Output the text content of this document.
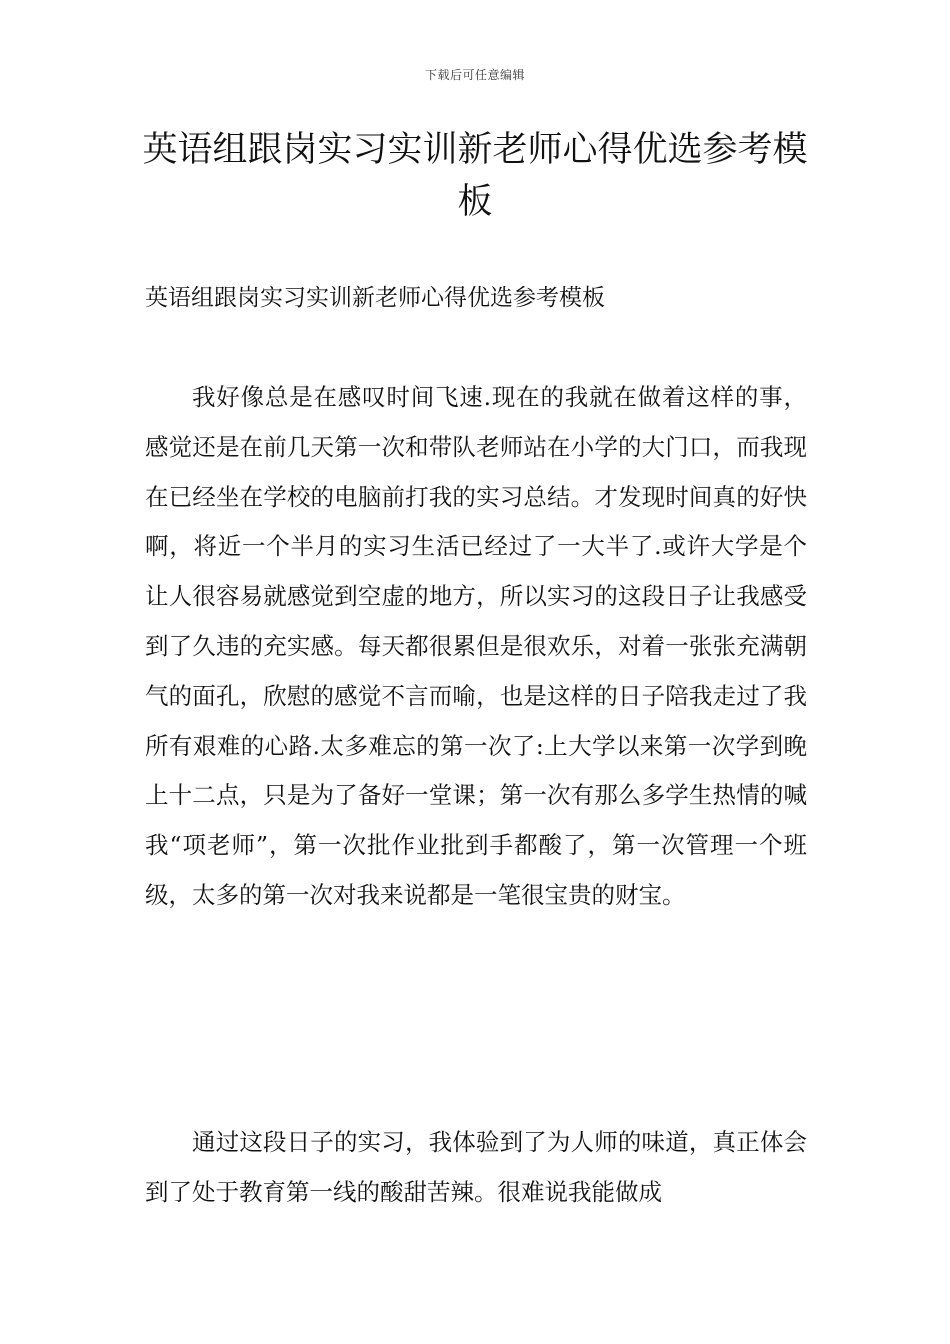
下载后可任意编辑
英语组跟岗实习实训新老师心得优选参考模板

英语组跟岗实习实训新老师心得优选参考模板

我好像总是在感叹时间飞速.现在的我就在做着这样的事，感觉还是在前几天第一次和带队老师站在小学的大门口，而我现在已经坐在学校的电脑前打我的实习总结。才发现时间真的好快啊，将近一个半月的实习生活已经过了一大半了.或许大学是个让人很容易就感觉到空虚的地方，所以实习的这段日子让我感受到了久违的充实感。每天都很累但是很欢乐，对着一张张充满朝气的面孔，欣慰的感觉不言而喻，也是这样的日子陪我走过了我所有艰难的心路.太多难忘的第一次了:上大学以来第一次学到晚上十二点，只是为了备好一堂课；第一次有那么多学生热情的喊我“项老师”，第一次批作业批到手都酸了，第一次管理一个班级，太多的第一次对我来说都是一笔很宝贵的财宝。

通过这段日子的实习，我体验到了为人师的味道，真正体会到了处于教育第一线的酸甜苦辣。很难说我能做成
